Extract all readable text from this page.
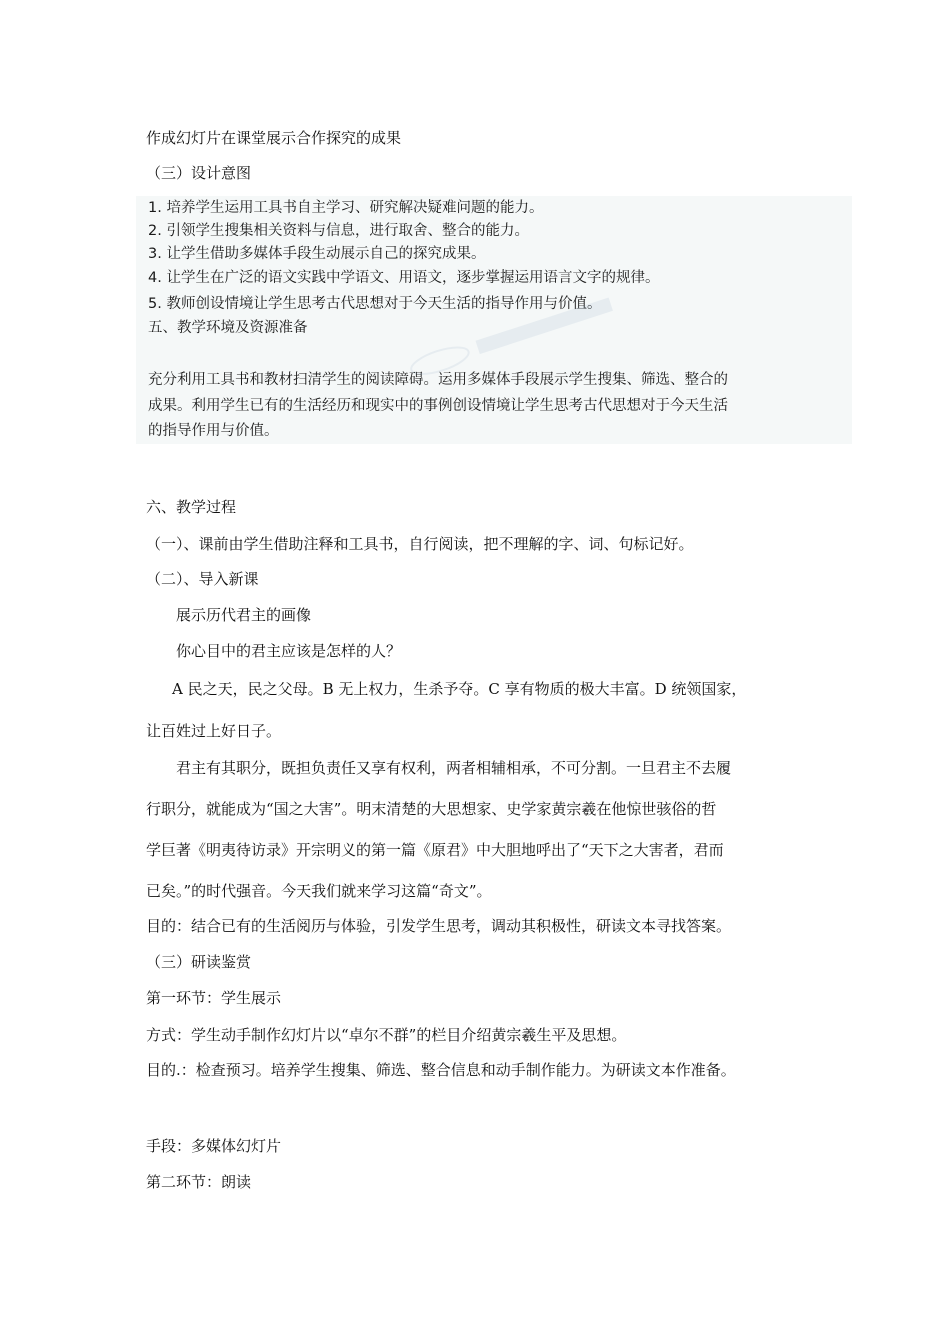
作成幻灯片在课堂展示合作探究的成果
（三）设计意图
1. 培养学生运用工具书自主学习、研究解决疑难问题的能力。
2. 引领学生搜集相关资料与信息，进行取舍、整合的能力。
3. 让学生借助多媒体手段生动展示自己的探究成果。
4. 让学生在广泛的语文实践中学语文、用语文，逐步掌握运用语言文字的规律。
5. 教师创设情境让学生思考古代思想对于今天生活的指导作用与价值。
五、教学环境及资源准备
充分利用工具书和教材扫清学生的阅读障碍。运用多媒体手段展示学生搜集、筛选、整合的
成果。利用学生已有的生活经历和现实中的事例创设情境让学生思考古代思想对于今天生活
的指导作用与价值。
六、教学过程
（一）、课前由学生借助注释和工具书，自行阅读，把不理解的字、词、句标记好。
（二）、导入新课
展示历代君主的画像
你心目中的君主应该是怎样的人？
A 民之天，民之父母。B 无上权力，生杀予夺。C 享有物质的极大丰富。D 统领国家，
让百姓过上好日子。
君主有其职分，既担负责任又享有权利，两者相辅相承，不可分割。一旦君主不去履
行职分，就能成为“国之大害”。明末清楚的大思想家、史学家黄宗羲在他惊世骇俗的哲
学巨著《明夷待访录》开宗明义的第一篇《原君》中大胆地呼出了“天下之大害者，君而
已矣。”的时代强音。今天我们就来学习这篇“奇文”。
目的：结合已有的生活阅历与体验，引发学生思考，调动其积极性，研读文本寻找答案。
（三）研读鉴赏
第一环节：学生展示
方式：学生动手制作幻灯片以“卓尔不群”的栏目介绍黄宗羲生平及思想。
目的.：检查预习。培养学生搜集、筛选、整合信息和动手制作能力。为研读文本作准备。
手段：多媒体幻灯片
第二环节：朗读
